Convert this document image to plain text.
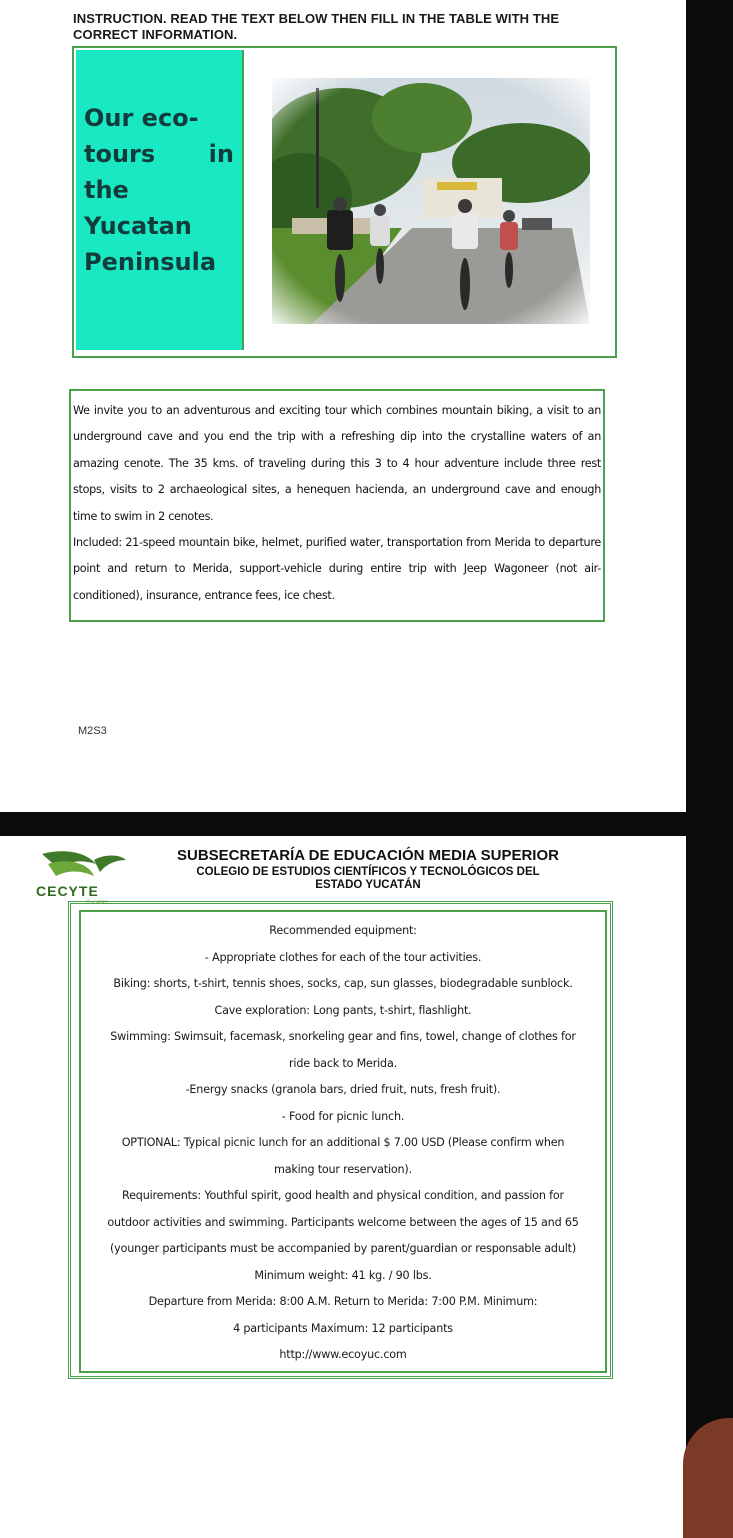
INSTRUCTION. READ THE TEXT BELOW THEN FILL IN THE TABLE WITH THE
CORRECT INFORMATION.
Our eco-
tours in the
Yucatan
Peninsula

We invite you to an adventurous and exciting tour which combines mountain biking, a visit to an underground cave and you end the trip with a refreshing dip into the crystalline waters of an amazing cenote. The 35 kms. of traveling during this 3 to 4 hour adventure include three rest stops, visits to 2 archaeological sites, a henequen hacienda, an underground cave and enough time to swim in 2 cenotes.

Included: 21-speed mountain bike, helmet, purified water, transportation from Merida to departure point and return to Merida, support-vehicle during entire trip with Jeep Wagoneer (not air-conditioned), insurance, entrance fees, ice chest.

M2S3
CECYTE
Yucatán
SUBSECRETARÍA DE EDUCACIÓN MEDIA SUPERIOR
COLEGIO DE ESTUDIOS CIENTÍFICOS Y TECNOLÓGICOS DEL
ESTADO YUCATÁN
Recommended equipment:
- Appropriate clothes for each of the tour activities.
Biking: shorts, t-shirt, tennis shoes, socks, cap, sun glasses, biodegradable sunblock.
Cave exploration: Long pants, t-shirt, flashlight.
Swimming: Swimsuit, facemask, snorkeling gear and fins, towel, change of clothes for
ride back to Merida.
-Energy snacks (granola bars, dried fruit, nuts, fresh fruit).
- Food for picnic lunch.
OPTIONAL: Typical picnic lunch for an additional $ 7.00 USD (Please confirm when
making tour reservation).
Requirements: Youthful spirit, good health and physical condition, and passion for
outdoor activities and swimming. Participants welcome between the ages of 15 and 65
(younger participants must be accompanied by parent/guardian or responsable adult)
Minimum weight: 41 kg. / 90 lbs.
Departure from Merida: 8:00 A.M. Return to Merida: 7:00 P.M. Minimum:
4 participants Maximum: 12 participants
http://www.ecoyuc.com
